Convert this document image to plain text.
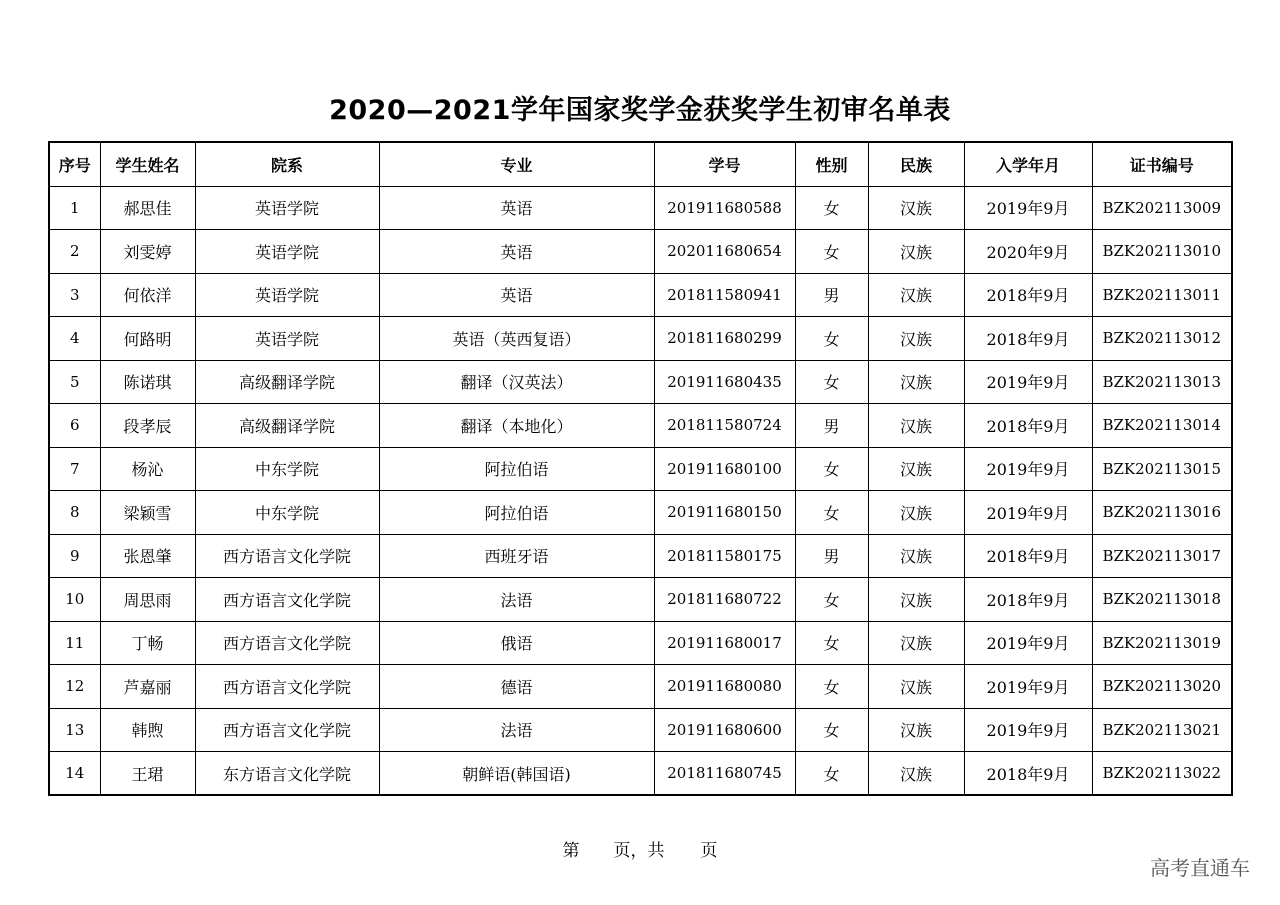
2020—2021学年国家奖学金获奖学生初审名单表
序号	学生姓名	院系	专业	学号	性别	民族	入学年月	证书编号
1	郝思佳	英语学院	英语	201911680588	女	汉族	2019年9月	BZK202113009
2	刘雯婷	英语学院	英语	202011680654	女	汉族	2020年9月	BZK202113010
3	何依洋	英语学院	英语	201811580941	男	汉族	2018年9月	BZK202113011
4	何路明	英语学院	英语（英西复语）	201811680299	女	汉族	2018年9月	BZK202113012
5	陈诺琪	高级翻译学院	翻译（汉英法）	201911680435	女	汉族	2019年9月	BZK202113013
6	段孝辰	高级翻译学院	翻译（本地化）	201811580724	男	汉族	2018年9月	BZK202113014
7	杨沁	中东学院	阿拉伯语	201911680100	女	汉族	2019年9月	BZK202113015
8	梁颖雪	中东学院	阿拉伯语	201911680150	女	汉族	2019年9月	BZK202113016
9	张恩肇	西方语言文化学院	西班牙语	201811580175	男	汉族	2018年9月	BZK202113017
10	周思雨	西方语言文化学院	法语	201811680722	女	汉族	2018年9月	BZK202113018
11	丁畅	西方语言文化学院	俄语	201911680017	女	汉族	2019年9月	BZK202113019
12	芦嘉丽	西方语言文化学院	德语	201911680080	女	汉族	2019年9月	BZK202113020
13	韩煦	西方语言文化学院	法语	201911680600	女	汉族	2019年9月	BZK202113021
14	王珺	东方语言文化学院	朝鲜语(韩国语)	201811680745	女	汉族	2018年9月	BZK202113022
第 页，共 页
高考直通车
